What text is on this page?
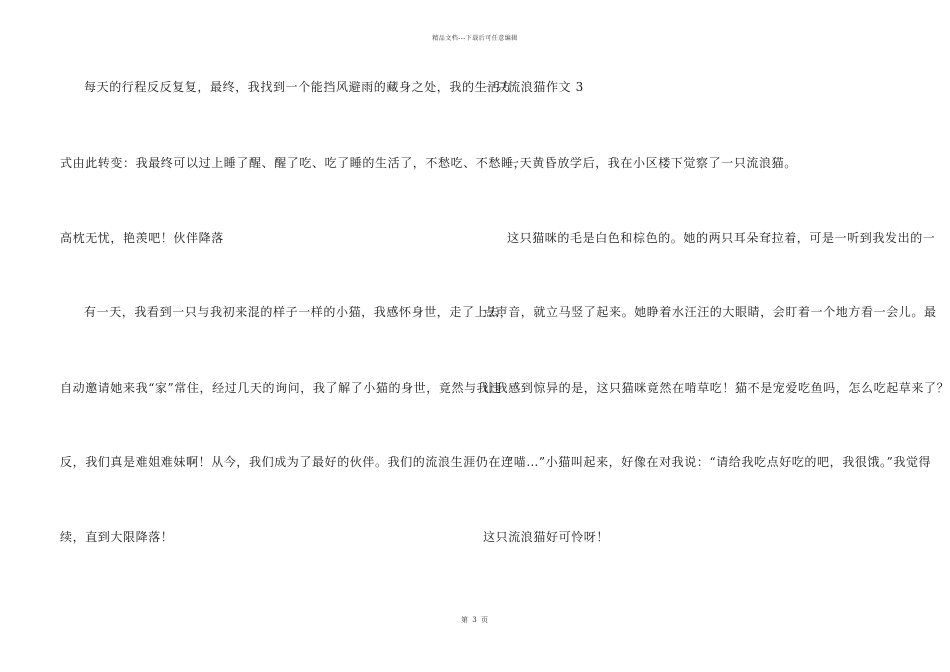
精品文档---下载后可任意编辑
每天的行程反反复复，最终，我找到一个能挡风避雨的藏身之处，我的生活方
式由此转变：我最终可以过上睡了醒、醒了吃、吃了睡的生活了，不愁吃、不愁睡，
高枕无忧，艳羡吧！伙伴降落
有一天，我看到一只与我初来混的样子一样的小猫，我感怀身世，走了上去，
自动邀请她来我“家”常住，经过几天的询问，我了解了小猫的身世，竟然与我违
反，我们真是难姐难妹啊！从今，我们成为了最好的伙伴。我们的流浪生涯仍在连
续，直到大限降落！
一只流浪猫作文 3
一天黄昏放学后，我在小区楼下觉察了一只流浪猫。
这只猫咪的毛是白色和棕色的。她的两只耳朵耷拉着，可是一听到我发出的一
点声音，就立马竖了起来。她睁着水汪汪的大眼睛，会盯着一个地方看一会儿。最
让我感到惊异的是，这只猫咪竟然在啃草吃！猫不是宠爱吃鱼吗，怎么吃起草来了？
“喵…”小猫叫起来，好像在对我说：“请给我吃点好吃的吧，我很饿。”我觉得
这只流浪猫好可怜呀！
第 3 页
